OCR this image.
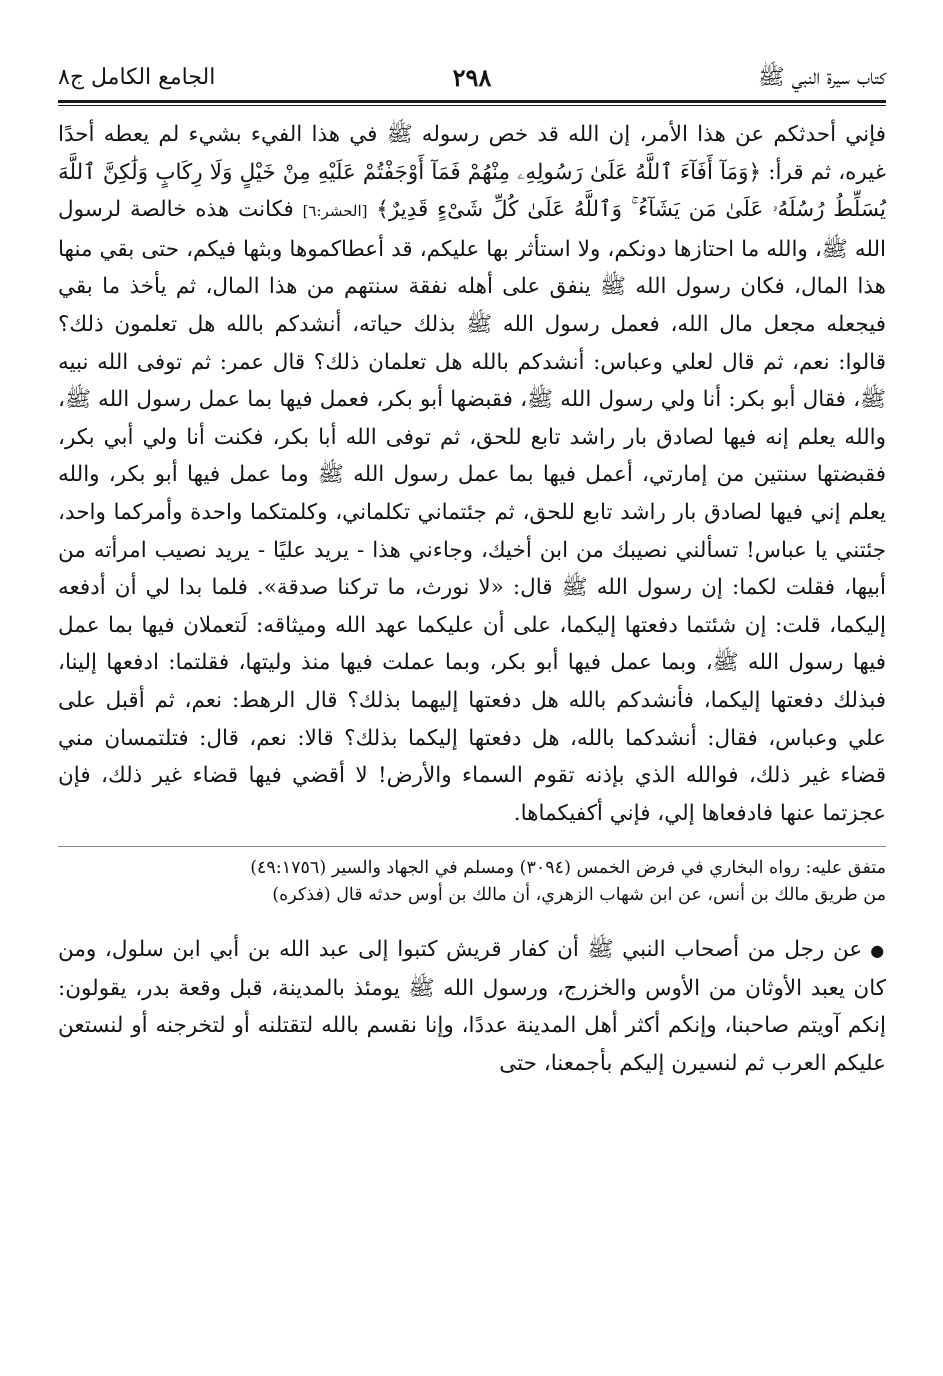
كتاب سيرة النبي ﷺ
٢٩٨
الجامع الكامل ج٨

فإني أحدثكم عن هذا الأمر، إن الله قد خص رسوله ﷺ في هذا الفيء بشيء لم يعطه أحدًا غيره، ثم قرأ: ﴿وَمَآ أَفَآءَ ٱللَّهُ عَلَىٰ رَسُولِهِۦ مِنْهُمْ فَمَآ أَوْجَفْتُمْ عَلَيْهِ مِنْ خَيْلٍ وَلَا رِكَابٍ وَلَٰكِنَّ ٱللَّهَ يُسَلِّطُ رُسُلَهُۥ عَلَىٰ مَن يَشَآءُ ۚ وَٱللَّهُ عَلَىٰ كُلِّ شَىْءٍ قَدِيرٌ﴾ [الحشر:٦] فكانت هذه خالصة لرسول الله ﷺ، والله ما احتازها دونكم، ولا استأثر بها عليكم، قد أعطاكموها وبثها فيكم، حتى بقي منها هذا المال، فكان رسول الله ﷺ ينفق على أهله نفقة سنتهم من هذا المال، ثم يأخذ ما بقي فيجعله مجعل مال الله، فعمل رسول الله ﷺ بذلك حياته، أنشدكم بالله هل تعلمون ذلك؟ قالوا: نعم، ثم قال لعلي وعباس: أنشدكم بالله هل تعلمان ذلك؟ قال عمر: ثم توفى الله نبيه ﷺ، فقال أبو بكر: أنا ولي رسول الله ﷺ، فقبضها أبو بكر، فعمل فيها بما عمل رسول الله ﷺ، والله يعلم إنه فيها لصادق بار راشد تابع للحق، ثم توفى الله أبا بكر، فكنت أنا ولي أبي بكر، فقبضتها سنتين من إمارتي، أعمل فيها بما عمل رسول الله ﷺ وما عمل فيها أبو بكر، والله يعلم إني فيها لصادق بار راشد تابع للحق، ثم جئتماني تكلماني، وكلمتكما واحدة وأمركما واحد، جئتني يا عباس! تسألني نصيبك من ابن أخيك، وجاءني هذا - يريد عليًا - يريد نصيب امرأته من أبيها، فقلت لكما: إن رسول الله ﷺ قال: «لا نورث، ما تركنا صدقة». فلما بدا لي أن أدفعه إليكما، قلت: إن شئتما دفعتها إليكما، على أن عليكما عهد الله وميثاقه: لَتعملان فيها بما عمل فيها رسول الله ﷺ، وبما عمل فيها أبو بكر، وبما عملت فيها منذ وليتها، فقلتما: ادفعها إلينا، فبذلك دفعتها إليكما، فأنشدكم بالله هل دفعتها إليهما بذلك؟ قال الرهط: نعم، ثم أقبل على علي وعباس، فقال: أنشدكما بالله، هل دفعتها إليكما بذلك؟ قالا: نعم، قال: فتلتمسان مني قضاء غير ذلك، فوالله الذي بإذنه تقوم السماء والأرض! لا أقضي فيها قضاء غير ذلك، فإن عجزتما عنها فادفعاها إلي، فإني أكفيكماها.

متفق عليه: رواه البخاري في فرض الخمس (٣٠٩٤) ومسلم في الجهاد والسير (٤٩:١٧٥٦)

من طريق مالك بن أنس، عن ابن شهاب الزهري، أن مالك بن أوس حدثه قال (فذكره)

●عن رجل من أصحاب النبي ﷺ أن كفار قريش كتبوا إلى عبد الله بن أبي ابن سلول، ومن كان يعبد الأوثان من الأوس والخزرج، ورسول الله ﷺ يومئذ بالمدينة، قبل وقعة بدر، يقولون: إنكم آويتم صاحبنا، وإنكم أكثر أهل المدينة عددًا، وإنا نقسم بالله لتقتلنه أو لتخرجنه أو لنستعن عليكم العرب ثم لنسيرن إليكم بأجمعنا، حتى
